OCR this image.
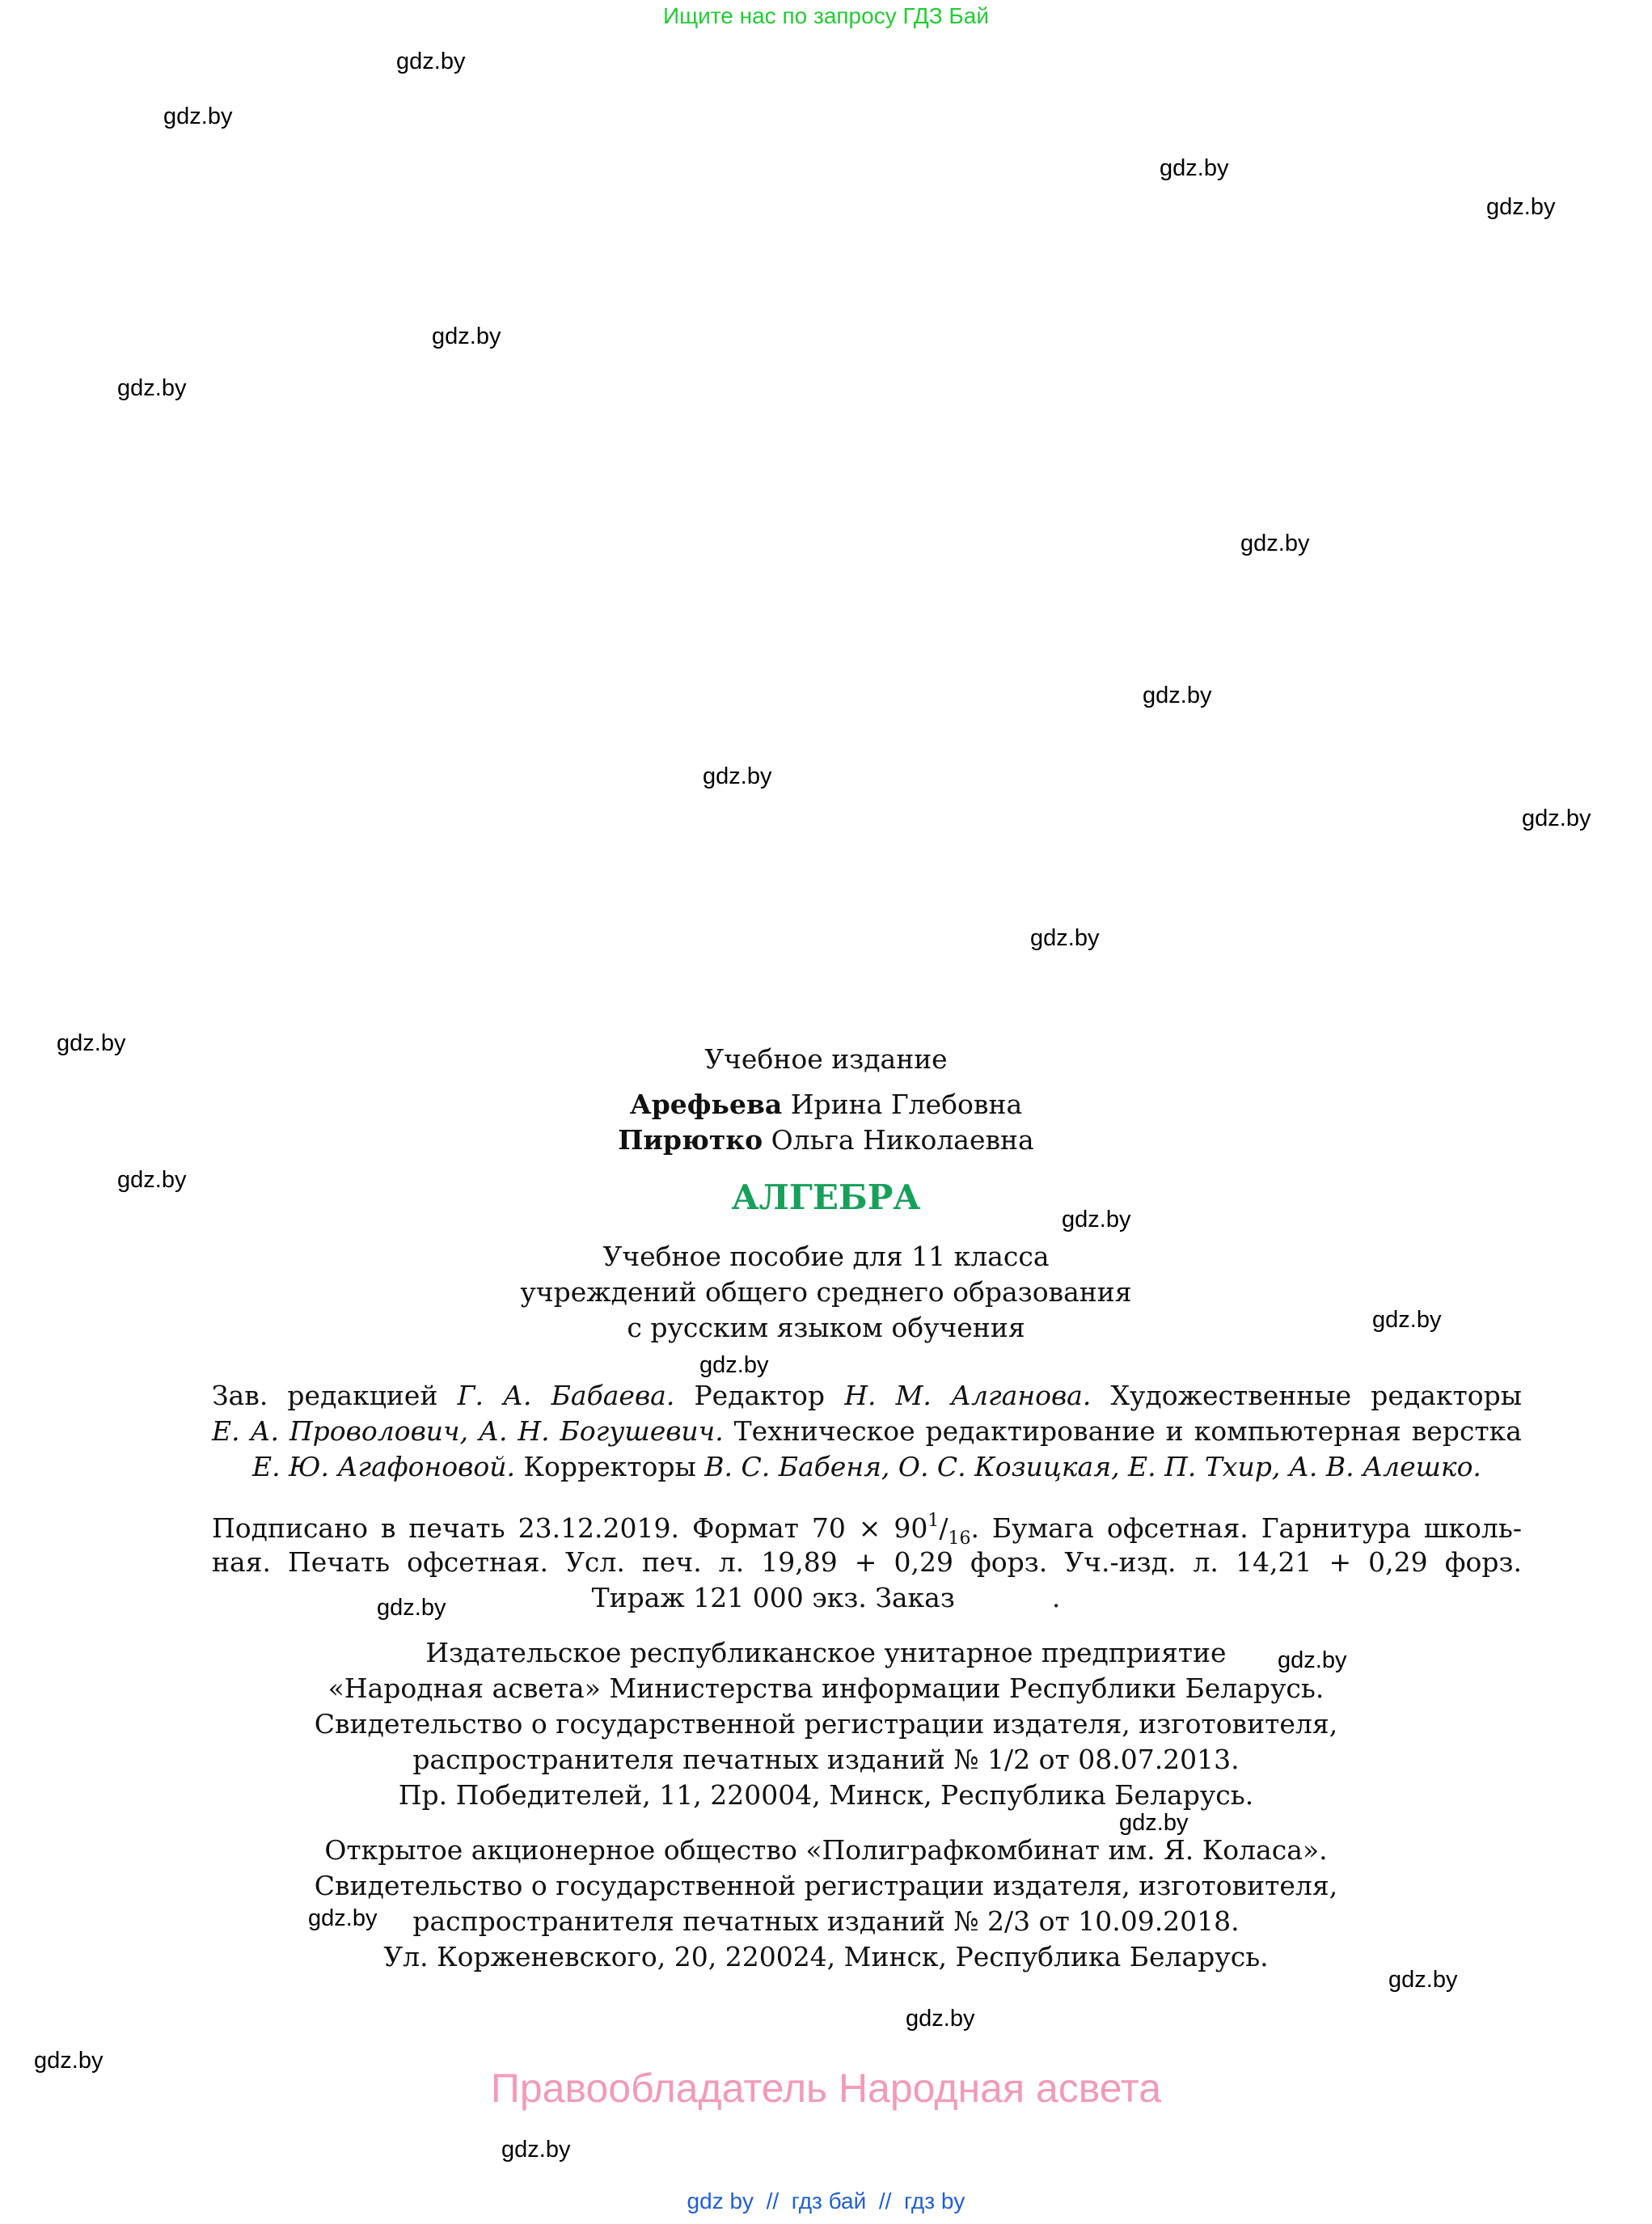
Ищите нас по запросу ГДЗ Бай
gdz.by
gdz.by
gdz.by
gdz.by
gdz.by
gdz.by
gdz.by
gdz.by
gdz.by
gdz.by
gdz.by
gdz.by
gdz.by
gdz.by
gdz.by
gdz.by
gdz.by
gdz.by
gdz.by
gdz.by
gdz.by
gdz.by
gdz.by
gdz.by
Учебное издание
Арефьева Ирина Глебовна
Пирютко Ольга Николаевна
АЛГЕБРА
Учебное пособие для 11 класса
учреждений общего среднего образования
с русским языком обучения
Зав. редакцией Г. А. Бабаева. Редактор Н. М. Алганова. Художественные редакторы
Е. А. Проволович, А. Н. Богушевич. Техническое редактирование и компьютерная верстка
Е. Ю. Агафоновой. Корректоры В. С. Бабеня, О. С. Козицкая, Е. П. Тхир, А. В. Алешко.
Подписано в печать 23.12.2019. Формат $70 \times 90^1/_{16}$. Бумага офсетная. Гарнитура школь-
ная. Печать офсетная. Усл. печ. л. 19,89 + 0,29 форз. Уч.-изд. л. 14,21 + 0,29 форз.
Тираж 121 000 экз. Заказ	.
Издательское республиканское унитарное предприятие
«Народная асвета» Министерства информации Республики Беларусь.
Свидетельство о государственной регистрации издателя, изготовителя,
распространителя печатных изданий № 1/2 от 08.07.2013.
Пр. Победителей, 11, 220004, Минск, Республика Беларусь.
Открытое акционерное общество «Полиграфкомбинат им. Я. Коласа».
Свидетельство о государственной регистрации издателя, изготовителя,
распространителя печатных изданий № 2/3 от 10.09.2018.
Ул. Корженевского, 20, 220024, Минск, Республика Беларусь.
Правообладатель Народная асвета
gdz by // гдз бай // гдз by
